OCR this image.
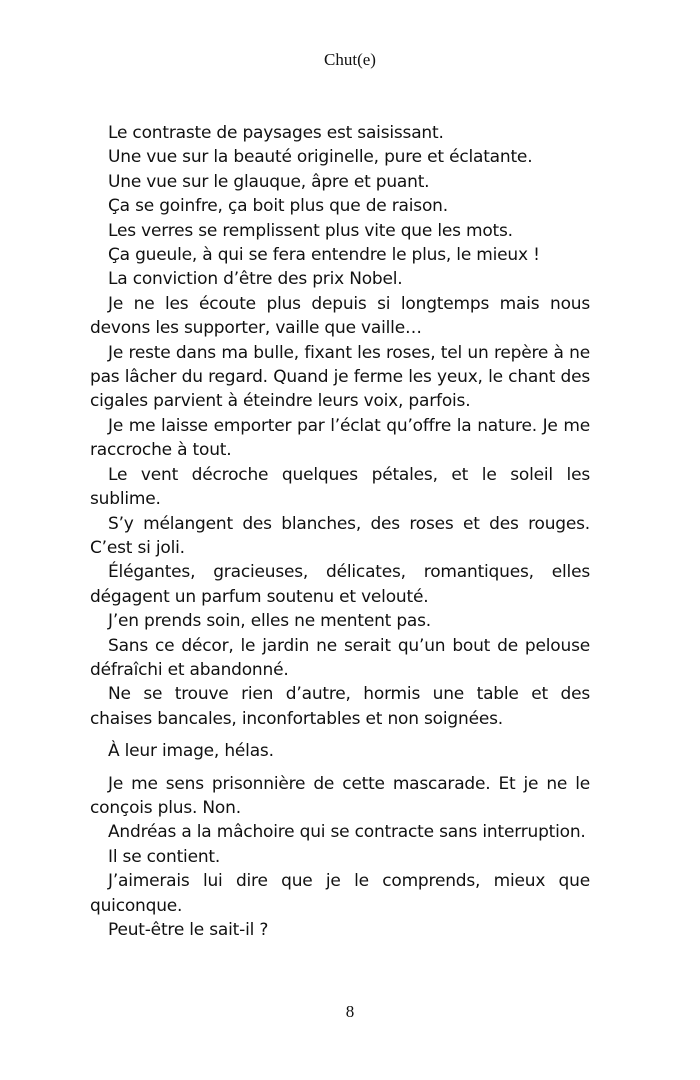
Chut(e)

Le contraste de paysages est saisissant.

Une vue sur la beauté originelle, pure et éclatante.

Une vue sur le glauque, âpre et puant.

Ça se goinfre, ça boit plus que de raison.

Les verres se remplissent plus vite que les mots.

Ça gueule, à qui se fera entendre le plus, le mieux !

La conviction d’être des prix Nobel.

Je ne les écoute plus depuis si longtemps mais nous devons les supporter, vaille que vaille…

Je reste dans ma bulle, fixant les roses, tel un repère à ne pas lâcher du regard. Quand je ferme les yeux, le chant des cigales parvient à éteindre leurs voix, parfois.

Je me laisse emporter par l’éclat qu’offre la nature. Je me raccroche à tout.

Le vent décroche quelques pétales, et le soleil les sublime.

S’y mélangent des blanches, des roses et des rouges. C’est si joli.

Élégantes, gracieuses, délicates, romantiques, elles dégagent un parfum soutenu et velouté.

J’en prends soin, elles ne mentent pas.

Sans ce décor, le jardin ne serait qu’un bout de pelouse défraîchi et abandonné.

Ne se trouve rien d’autre, hormis une table et des chaises bancales, inconfortables et non soignées.

À leur image, hélas.

Je me sens prisonnière de cette mascarade. Et je ne le conçois plus. Non.

Andréas a la mâchoire qui se contracte sans interruption.

Il se contient.

J’aimerais lui dire que je le comprends, mieux que quiconque.

Peut-être le sait-il ?

8
